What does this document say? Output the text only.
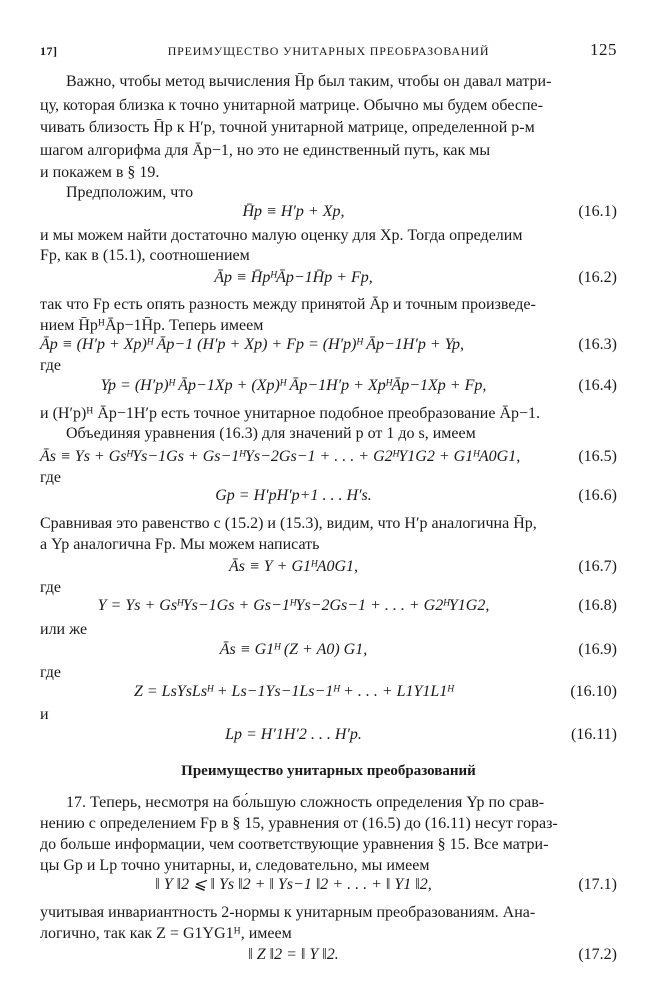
17]	ПРЕИМУЩЕСТВО УНИТАРНЫХ ПРЕОБРАЗОВАНИЙ	125
Важно, чтобы метод вычисления H̄p был таким, чтобы он давал матри-
цу, которая близка к точно унитарной матрице. Обычно мы будем обеспе-
чивать близость H̄p к H′p, точной унитарной матрице, определенной p-м
шагом алгорифма для Āp−1, но это не единственный путь, как мы
и покажем в § 19.
Предположим, что
H̄p ≡ H′p + Xp,	(16.1)
и мы можем найти достаточно малую оценку для Xp. Тогда определим
Fp, как в (15.1), соотношением
Āp ≡ H̄pᴴĀp−1H̄p + Fp,	(16.2)
так что Fp есть опять разность между принятой Āp и точным произведе-
нием H̄pᴴĀp−1H̄p. Теперь имеем
Āp ≡ (H′p + Xp)ᴴ Āp−1 (H′p + Xp) + Fp = (H′p)ᴴ Āp−1H′p + Yp,	(16.3)
где
Yp = (H′p)ᴴ Āp−1Xp + (Xp)ᴴ Āp−1H′p + XpᴴĀp−1Xp + Fp,	(16.4)
и (H′p)ᴴ Āp−1H′p есть точное унитарное подобное преобразование Āp−1.
Объединяя уравнения (16.3) для значений p от 1 до s, имеем
Ās ≡ Ys + GsᴴYs−1Gs + Gs−1ᴴYs−2Gs−1 + . . . + G2ᴴY1G2 + G1ᴴA0G1,	(16.5)
где
Gp = H′pH′p+1 . . . H′s.	(16.6)
Сравнивая это равенство с (15.2) и (15.3), видим, что H′p аналогична H̄p,
а Yp аналогична Fp. Мы можем написать
Ās ≡ Y + G1ᴴA0G1,	(16.7)
где
Y = Ys + GsᴴYs−1Gs + Gs−1ᴴYs−2Gs−1 + . . . + G2ᴴY1G2,	(16.8)
или же
Ās ≡ G1ᴴ (Z + A0) G1,	(16.9)
где
Z = LsYsLsᴴ + Ls−1Ys−1Ls−1ᴴ + . . . + L1Y1L1ᴴ	(16.10)
и
Lp = H′1H′2 . . . H′p.	(16.11)
Преимущество унитарных преобразований
17. Теперь, несмотря на бо́льшую сложность определения Yp по срав-
нению с определением Fp в § 15, уравнения от (16.5) до (16.11) несут гораз-
до больше информации, чем соответствующие уравнения § 15. Все матри-
цы Gp и Lp точно унитарны, и, следовательно, мы имеем
‖ Y ‖2 ⩽ ‖ Ys ‖2 + ‖ Ys−1 ‖2 + . . . + ‖ Y1 ‖2,	(17.1)
учитывая инвариантность 2-нормы к унитарным преобразованиям. Ана-
логично, так как Z = G1YG1ᴴ, имеем
‖ Z ‖2 = ‖ Y ‖2.	(17.2)
